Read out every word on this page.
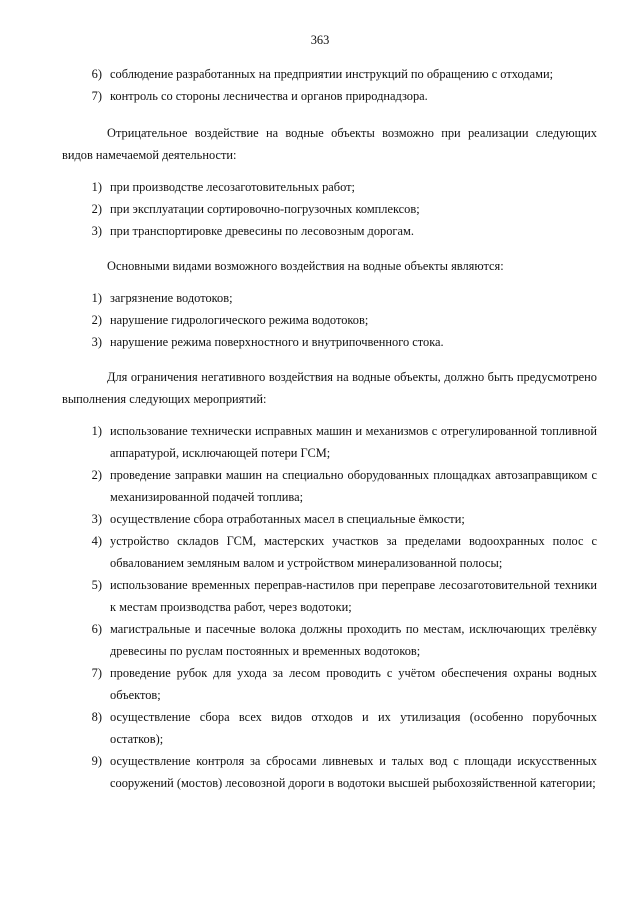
363
6) соблюдение разработанных на предприятии инструкций по обращению с отходами;
7) контроль со стороны лесничества и органов природнадзора.

Отрицательное воздействие на водные объекты возможно при реализации следующих видов намечаемой деятельности:

1) при производстве лесозаготовительных работ;
2) при эксплуатации сортировочно-погрузочных комплексов;
3) при транспортировке древесины по лесовозным дорогам.

Основными видами возможного воздействия на водные объекты являются:

1) загрязнение водотоков;
2) нарушение гидрологического режима водотоков;
3) нарушение режима поверхностного и внутрипочвенного стока.

Для ограничения негативного воздействия на водные объекты, должно быть предусмотрено выполнения следующих мероприятий:

1) использование технически исправных машин и механизмов с отрегулированной топливной аппаратурой, исключающей потери ГСМ;
2) проведение заправки машин на специально оборудованных площадках автозаправщиком с механизированной подачей топлива;
3) осуществление сбора отработанных масел в специальные ёмкости;
4) устройство складов ГСМ, мастерских участков за пределами водоохранных полос с обвалованием земляным валом и устройством минерализованной полосы;
5) использование временных переправ-настилов при переправе лесозаготовительной техники к местам производства работ, через водотоки;
6) магистральные и пасечные волока должны проходить по местам, исключающих трелёвку древесины по руслам постоянных и временных водотоков;
7) проведение рубок для ухода за лесом проводить с учётом обеспечения охраны водных объектов;
8) осуществление сбора всех видов отходов и их утилизация (особенно порубочных остатков);
9) осуществление контроля за сбросами ливневых и талых вод с площади искусственных сооружений (мостов) лесовозной дороги в водотоки высшей рыбохозяйственной категории;
